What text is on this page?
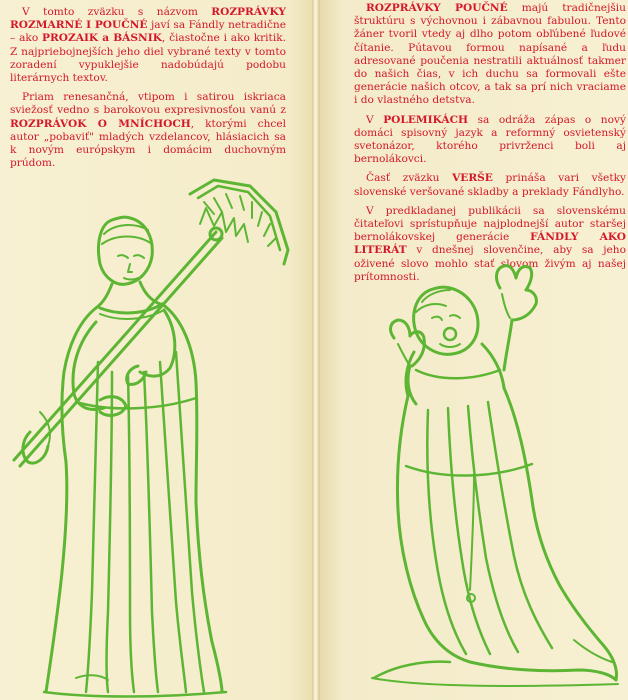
V tomto zväzku s názvom ROZPRÁVKY ROZMARNÉ I POUČNÉ javí sa Fándly netradične – ako PROZAIK a BÁSNIK, čiastočne i ako kritik. Z najpriebojnejších jeho diel vybrané texty v tomto zoradení vypuklejšie nadobúdajú podobu literárnych textov.

Priam renesančná, vtipom i satirou iskriaca sviežosť vedno s barokovou expresivnosťou vanú z ROZPRÁVOK O MNÍCHOCH, ktorými chcel autor „pobaviť" mladých vzdelancov, hlásiacich sa k novým európskym i domácim duchovným prúdom.

ROZPRÁVKY POUČNÉ majú tradičnejšiu štruktúru s výchovnou i zábavnou fabulou. Tento žáner tvoril vtedy aj dlho potom obľúbené ľudové čítanie. Pútavou formou napísané a ľudu adresované poučenia nestratili aktuálnosť takmer do našich čias, v ich duchu sa formovali ešte generácie našich otcov, a tak sa prí nich vraciame i do vlastného detstva.

V POLEMIKÁCH sa odráža zápas o nový domáci spisovný jazyk a reformný osvietenský svetonázor, ktorého privrženci boli aj bernolákovci.

Časť zväzku VERŠE prináša vari všetky slovenské veršované skladby a preklady Fándlyho.

V predkladanej publikácii sa slovenskému čitateľovi sprístupňuje najplodnejší autor staršej bernolákovskej generácie FÁNDLY AKO LITERÁT v dnešnej slovenčine, aby sa jeho oživené slovo mohlo stať slovom živým aj našej prítomnosti.
